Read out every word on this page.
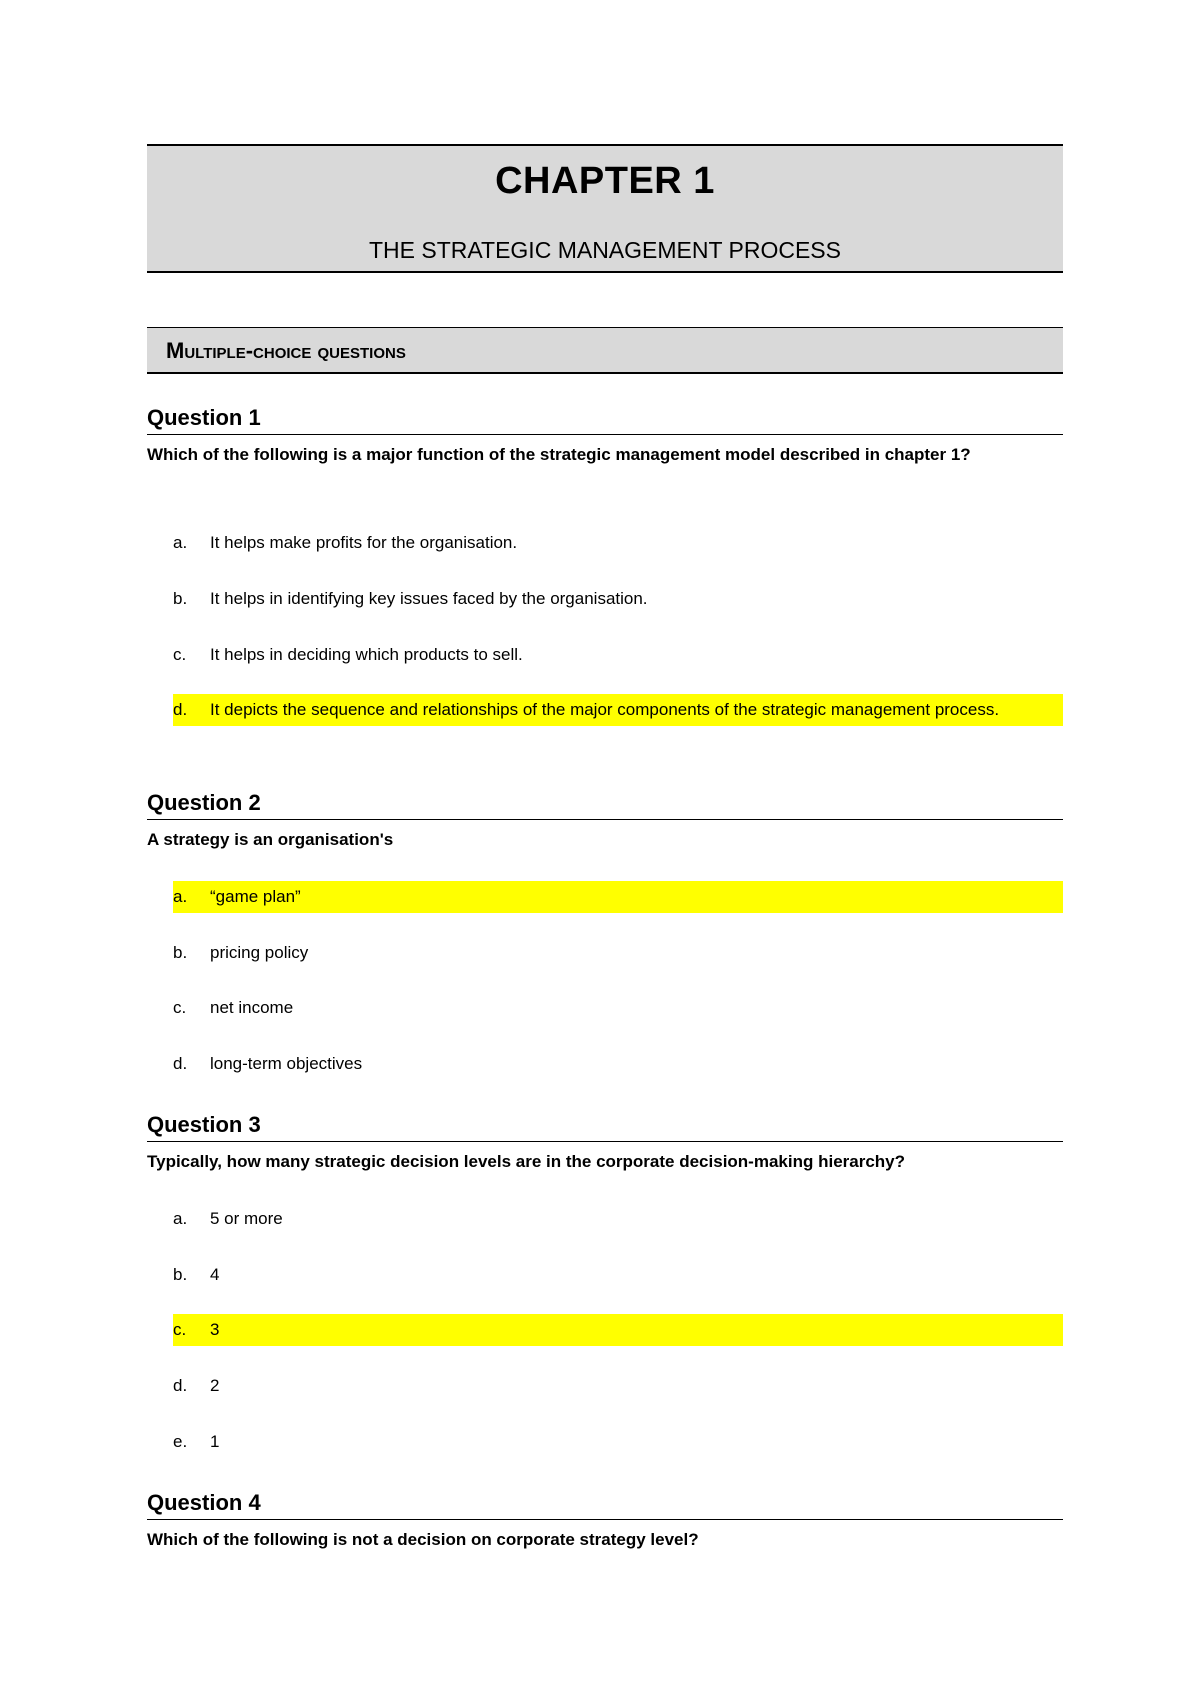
CHAPTER 1
THE STRATEGIC MANAGEMENT PROCESS
Multiple-choice questions
Question 1
Which of the following is a major function of the strategic management model described in chapter 1?
a. It helps make profits for the organisation.
b. It helps in identifying key issues faced by the organisation.
c. It helps in deciding which products to sell.
d. It depicts the sequence and relationships of the major components of the strategic management process.
Question 2
A strategy is an organisation's
a. “game plan”
b. pricing policy
c. net income
d. long-term objectives
Question 3
Typically, how many strategic decision levels are in the corporate decision-making hierarchy?
a. 5 or more
b. 4
c. 3
d. 2
e. 1
Question 4
Which of the following is not a decision on corporate strategy level?
